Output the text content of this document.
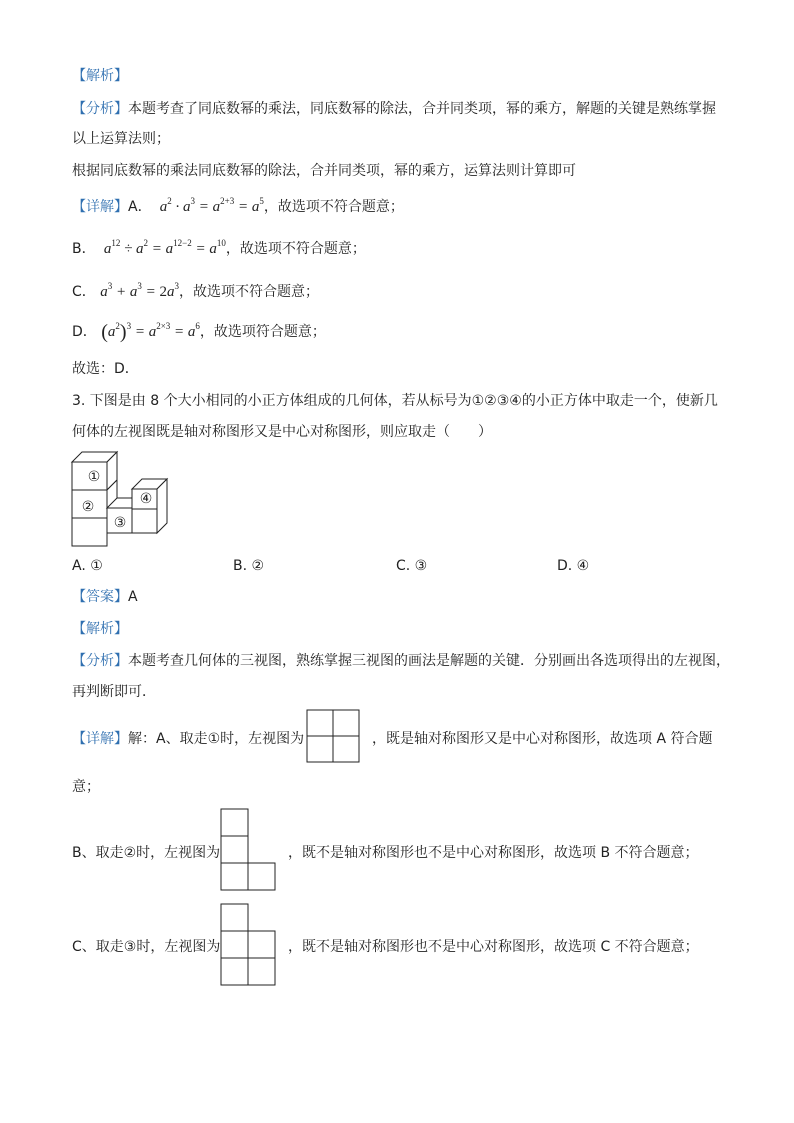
【解析】
【分析】本题考查了同底数幂的乘法，同底数幂的除法，合并同类项，幂的乘方，解题的关键是熟练掌握
以上运算法则；
根据同底数幂的乘法同底数幂的除法，合并同类项，幂的乘方，运算法则计算即可
【详解】A．  $a^2 \cdot a^3 = a^{2+3} = a^5$，故选项不符合题意；
B．  $a^{12} \div a^2 = a^{12-2} = a^{10}$，故选项不符合题意；
C． $a^3 + a^3 = 2a^3$，故选项不符合题意；
D． $(a^2)^3 = a^{2\times 3} = a^6$，故选项符合题意；
故选：D．
3. 下图是由 8 个大小相同的小正方体组成的几何体，若从标号为①②③④的小正方体中取走一个，使新几
何体的左视图既是轴对称图形又是中心对称图形，则应取走（　　）
①
②
③
④
A. ①	B. ②	C. ③	D. ④
【答案】A
【解析】
【分析】本题考查几何体的三视图，熟练掌握三视图的画法是解题的关键．分别画出各选项得出的左视图，
再判断即可．
【详解】解：A、取走①时，左视图为	，既是轴对称图形又是中心对称图形，故选项 A 符合题
意；
B、取走②时，左视图为	，既不是轴对称图形也不是中心对称图形，故选项 B 不符合题意；
C、取走③时，左视图为	，既不是轴对称图形也不是中心对称图形，故选项 C 不符合题意；
